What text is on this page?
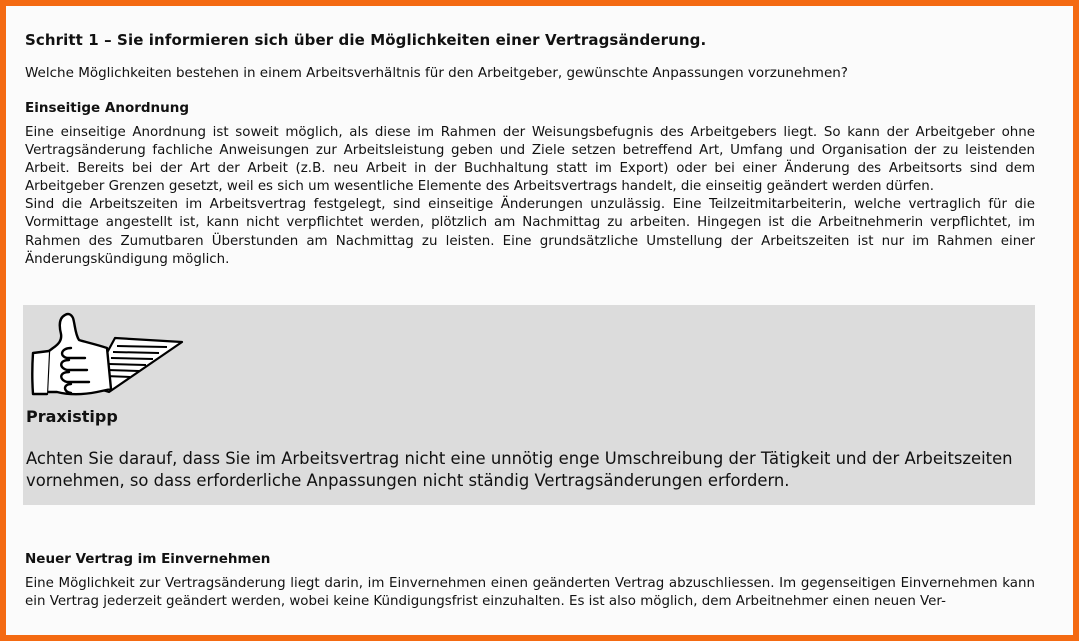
Schritt 1 – Sie informieren sich über die Möglichkeiten einer Vertragsänderung.

Welche Möglichkeiten bestehen in einem Arbeitsverhältnis für den Arbeitgeber, gewünschte Anpassungen vorzunehmen?

Einseitige Anordnung

Eine einseitige Anordnung ist soweit möglich, als diese im Rahmen der Weisungsbefugnis des Arbeitgebers liegt. So kann der Arbeitgeber ohne Vertragsänderung fachliche Anweisungen zur Arbeitsleistung geben und Ziele setzen betreffend Art, Umfang und Organisation der zu leistenden Arbeit. Bereits bei der Art der Arbeit (z.B. neu Arbeit in der Buchhaltung statt im Export) oder bei einer Änderung des Arbeitsorts sind dem Arbeitgeber Grenzen gesetzt, weil es sich um wesentliche Elemente des Arbeitsvertrags handelt, die einseitig geändert werden dürfen.

Sind die Arbeitszeiten im Arbeitsvertrag festgelegt, sind einseitige Änderungen unzulässig. Eine Teilzeitmitarbeiterin, welche vertraglich für die Vormittage angestellt ist, kann nicht verpflichtet werden, plötzlich am Nachmittag zu arbeiten. Hingegen ist die Arbeitnehmerin verpflichtet, im Rahmen des Zumutbaren Überstunden am Nachmittag zu leisten. Eine grundsätzliche Umstellung der Arbeitszeiten ist nur im Rahmen einer Änderungskündigung möglich.

Praxistipp

Achten Sie darauf, dass Sie im Arbeitsvertrag nicht eine unnötig enge Umschreibung der Tätigkeit und der Arbeitszeiten vornehmen, so dass erforderliche Anpassungen nicht ständig Vertragsänderungen erfordern.

Neuer Vertrag im Einvernehmen

Eine Möglichkeit zur Vertragsänderung liegt darin, im Einvernehmen einen geänderten Vertrag abzuschliessen. Im gegenseitigen Einvernehmen kann ein Vertrag jederzeit geändert werden, wobei keine Kündigungsfrist einzuhalten. Es ist also möglich, dem Arbeitnehmer einen neuen Ver-
